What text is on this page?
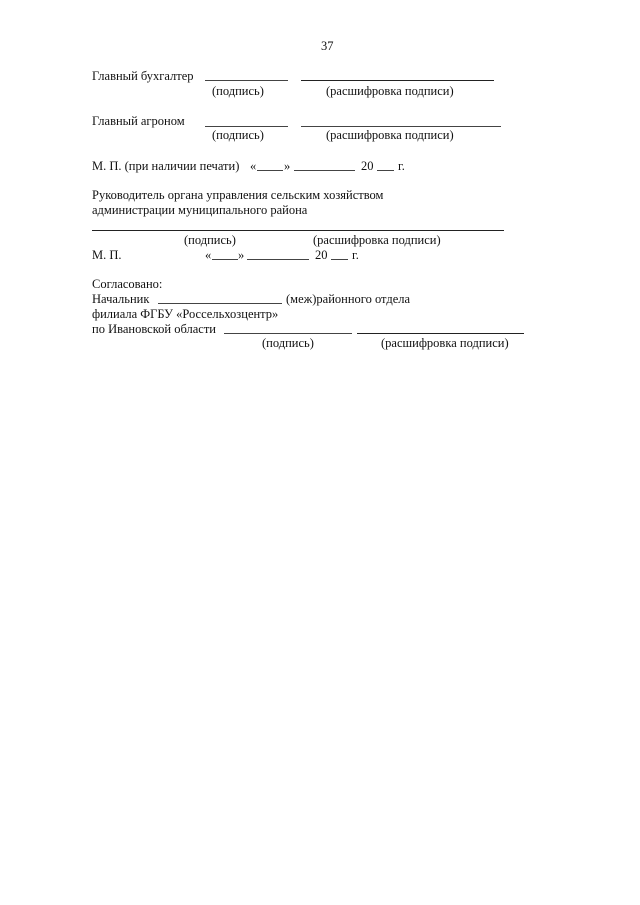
37
Главный бухгалтер
(подпись)	(расшифровка подписи)
Главный агроном
(подпись)	(расшифровка подписи)
М. П. (при наличии печати) « »	20 г.
Руководитель органа управления сельским хозяйством
администрации муниципального района
(подпись)	(расшифровка подписи)
М. П.	« »	20 г.
Согласовано:
Начальник	(меж)районного отдела
филиала ФГБУ «Россельхозцентр»
по Ивановской области
(подпись)	(расшифровка подписи)
